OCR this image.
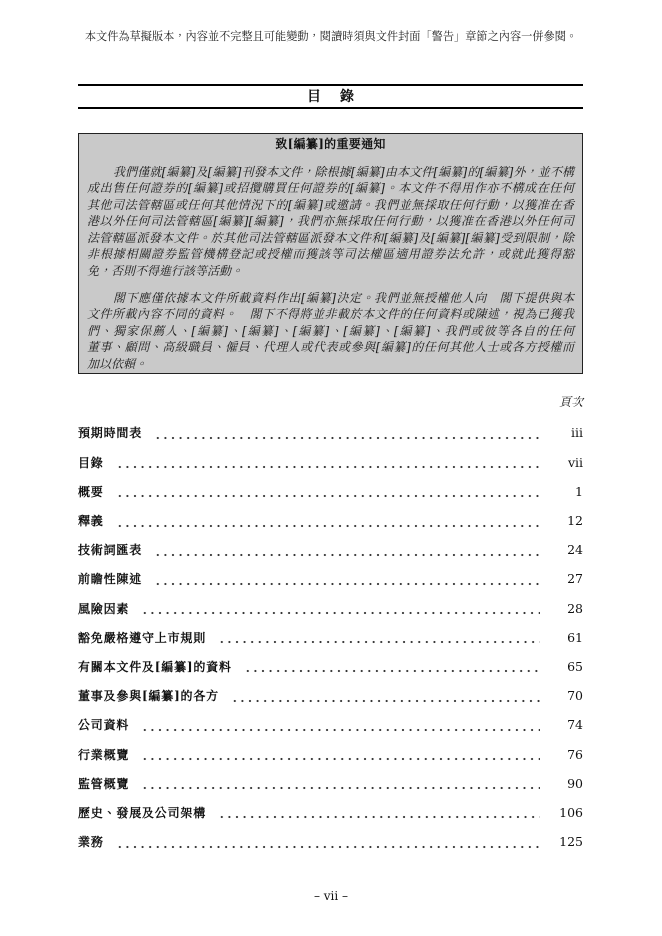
本文件為草擬版本，內容並不完整且可能變動，閱讀時須與文件封面「警告」章節之內容一併參閱。
目錄
致[編纂]的重要通知
我們僅就[編纂]及[編纂]刊發本文件，除根據[編纂]由本文件[編纂]的[編纂]外，並不構
成出售任何證券的[編纂]或招攬購買任何證券的[編纂]。本文件不得用作亦不構成在任何
其他司法管轄區或任何其他情況下的[編纂]或邀請。我們並無採取任何行動，以獲准在香
港以外任何司法管轄區[編纂][編纂]，我們亦無採取任何行動，以獲准在香港以外任何司
法管轄區派發本文件。於其他司法管轄區派發本文件和[編纂]及[編纂][編纂]受到限制，除
非根據相關證券監管機構登記或授權而獲該等司法權區適用證券法允許，或就此獲得豁
免，否則不得進行該等活動。
閣下應僅依據本文件所載資料作出[編纂]決定。我們並無授權他人向　閣下提供與本
文件所載內容不同的資料。　閣下不得將並非載於本文件的任何資料或陳述，視為已獲我
們、獨家保薦人、[編纂]、[編纂]、[編纂]、[編纂]、[編纂]、我們或彼等各自的任何
董事、顧問、高級職員、僱員、代理人或代表或參與[編纂]的任何其他人士或各方授權而
加以依賴。
頁次
預期時間表	iii
目錄	vii
概要	1
釋義	12
技術詞匯表	24
前瞻性陳述	27
風險因素	28
豁免嚴格遵守上市規則	61
有關本文件及[編纂]的資料	65
董事及參與[編纂]的各方	70
公司資料	74
行業概覽	76
監管概覽	90
歷史、發展及公司架構	106
業務	125
– vii –
